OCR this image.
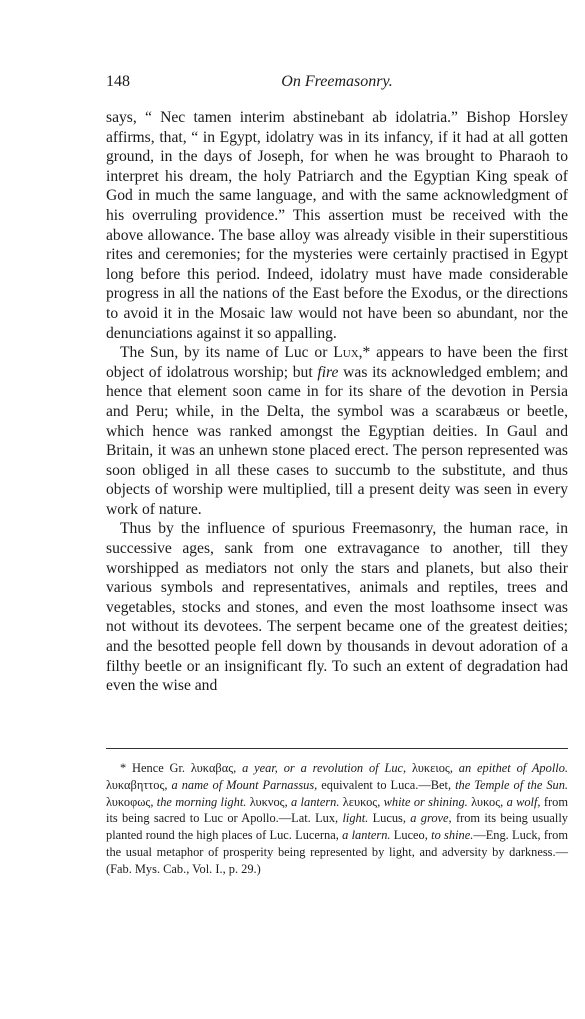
148	On Freemasonry.

says, “ Nec tamen interim abstinebant ab idolatria.” Bishop Horsley affirms, that, “ in Egypt, idolatry was in its infancy, if it had at all gotten ground, in the days of Joseph, for when he was brought to Pharaoh to interpret his dream, the holy Patriarch and the Egyptian King speak of God in much the same language, and with the same acknowledgment of his overruling providence.” This assertion must be received with the above allowance. The base alloy was already visible in their superstitious rites and ceremonies; for the mysteries were certainly practised in Egypt long before this period. Indeed, idolatry must have made considerable progress in all the nations of the East before the Exodus, or the directions to avoid it in the Mosaic law would not have been so abundant, nor the denunciations against it so appalling.

The Sun, by its name of Luc or Lux,* appears to have been the first object of idolatrous worship; but fire was its acknowledged emblem; and hence that element soon came in for its share of the devotion in Persia and Peru; while, in the Delta, the symbol was a scarabæus or beetle, which hence was ranked amongst the Egyptian deities. In Gaul and Britain, it was an unhewn stone placed erect. The person represented was soon obliged in all these cases to succumb to the substitute, and thus objects of worship were multiplied, till a present deity was seen in every work of nature.

Thus by the influence of spurious Freemasonry, the human race, in successive ages, sank from one extravagance to another, till they worshipped as mediators not only the stars and planets, but also their various symbols and representatives, animals and reptiles, trees and vegetables, stocks and stones, and even the most loathsome insect was not without its devotees. The serpent became one of the greatest deities; and the besotted people fell down by thousands in devout adoration of a filthy beetle or an insignificant fly. To such an extent of degradation had even the wise and

* Hence Gr. λυκαβας, a year, or a revolution of Luc, λυκειος, an epithet of Apollo. λυκαβηττος, a name of Mount Parnassus, equivalent to Luca.—Bet, the Temple of the Sun. λυκοφως, the morning light. λυκνος, a lantern. λευκος, white or shining. λυκος, a wolf, from its being sacred to Luc or Apollo.—Lat. Lux, light. Lucus, a grove, from its being usually planted round the high places of Luc. Lucerna, a lantern. Luceo, to shine.—Eng. Luck, from the usual metaphor of prosperity being represented by light, and adversity by darkness.—(Fab. Mys. Cab., Vol. I., p. 29.)
